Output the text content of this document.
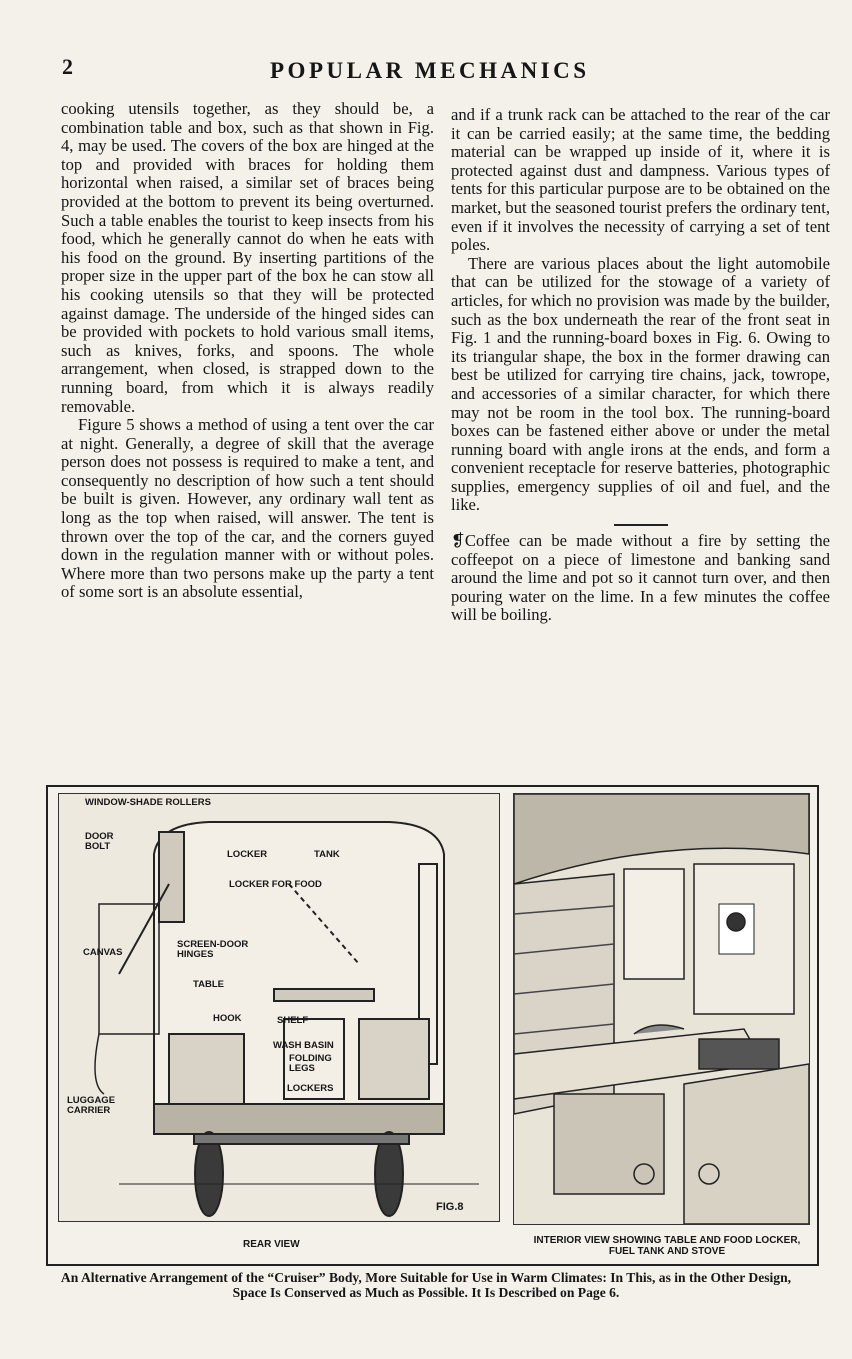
2	POPULAR MECHANICS

cooking utensils together, as they should be, a combination table and box, such as that shown in Fig. 4, may be used. The covers of the box are hinged at the top and provided with braces for holding them horizontal when raised, a similar set of braces being provided at the bottom to prevent its being overturned. Such a table enables the tourist to keep insects from his food, which he generally cannot do when he eats with his food on the ground. By inserting partitions of the proper size in the upper part of the box he can stow all his cooking utensils so that they will be protected against damage. The underside of the hinged sides can be provided with pockets to hold various small items, such as knives, forks, and spoons. The whole arrangement, when closed, is strapped down to the running board, from which it is always readily removable.

Figure 5 shows a method of using a tent over the car at night. Generally, a degree of skill that the average person does not possess is required to make a tent, and consequently no description of how such a tent should be built is given. However, any ordinary wall tent as long as the top when raised, will answer. The tent is thrown over the top of the car, and the corners guyed down in the regulation manner with or without poles. Where more than two persons make up the party a tent of some sort is an absolute essential,

and if a trunk rack can be attached to the rear of the car it can be carried easily; at the same time, the bedding material can be wrapped up inside of it, where it is protected against dust and dampness. Various types of tents for this particular purpose are to be obtained on the market, but the seasoned tourist prefers the ordinary tent, even if it involves the necessity of carrying a set of tent poles.

There are various places about the light automobile that can be utilized for the stowage of a variety of articles, for which no provision was made by the builder, such as the box underneath the rear of the front seat in Fig. 1 and the running-board boxes in Fig. 6. Owing to its triangular shape, the box in the former drawing can best be utilized for carrying tire chains, jack, towrope, and accessories of a similar character, for which there may not be room in the tool box. The running-board boxes can be fastened either above or under the metal running board with angle irons at the ends, and form a convenient receptacle for reserve batteries, photographic supplies, emergency supplies of oil and fuel, and the like.

❡Coffee can be made without a fire by setting the coffeepot on a piece of limestone and banking sand around the lime and pot so it cannot turn over, and then pouring water on the lime. In a few minutes the coffee will be boiling.

WINDOW-SHADE ROLLERS
DOOR BOLT
LOCKER	TANK
LOCKER FOR FOOD
SCREEN-DOOR HINGES
CANVAS
TABLE
HOOK	SHELF
WASH BASIN
FOLDING LEGS
LOCKERS
LUGGAGE CARRIER
FIG.8
REAR VIEW	INTERIOR VIEW SHOWING TABLE AND FOOD LOCKER, FUEL TANK AND STOVE
An Alternative Arrangement of the “Cruiser” Body, More Suitable for Use in Warm Climates: In This, as in the Other Design, Space Is Conserved as Much as Possible. It Is Described on Page 6.
